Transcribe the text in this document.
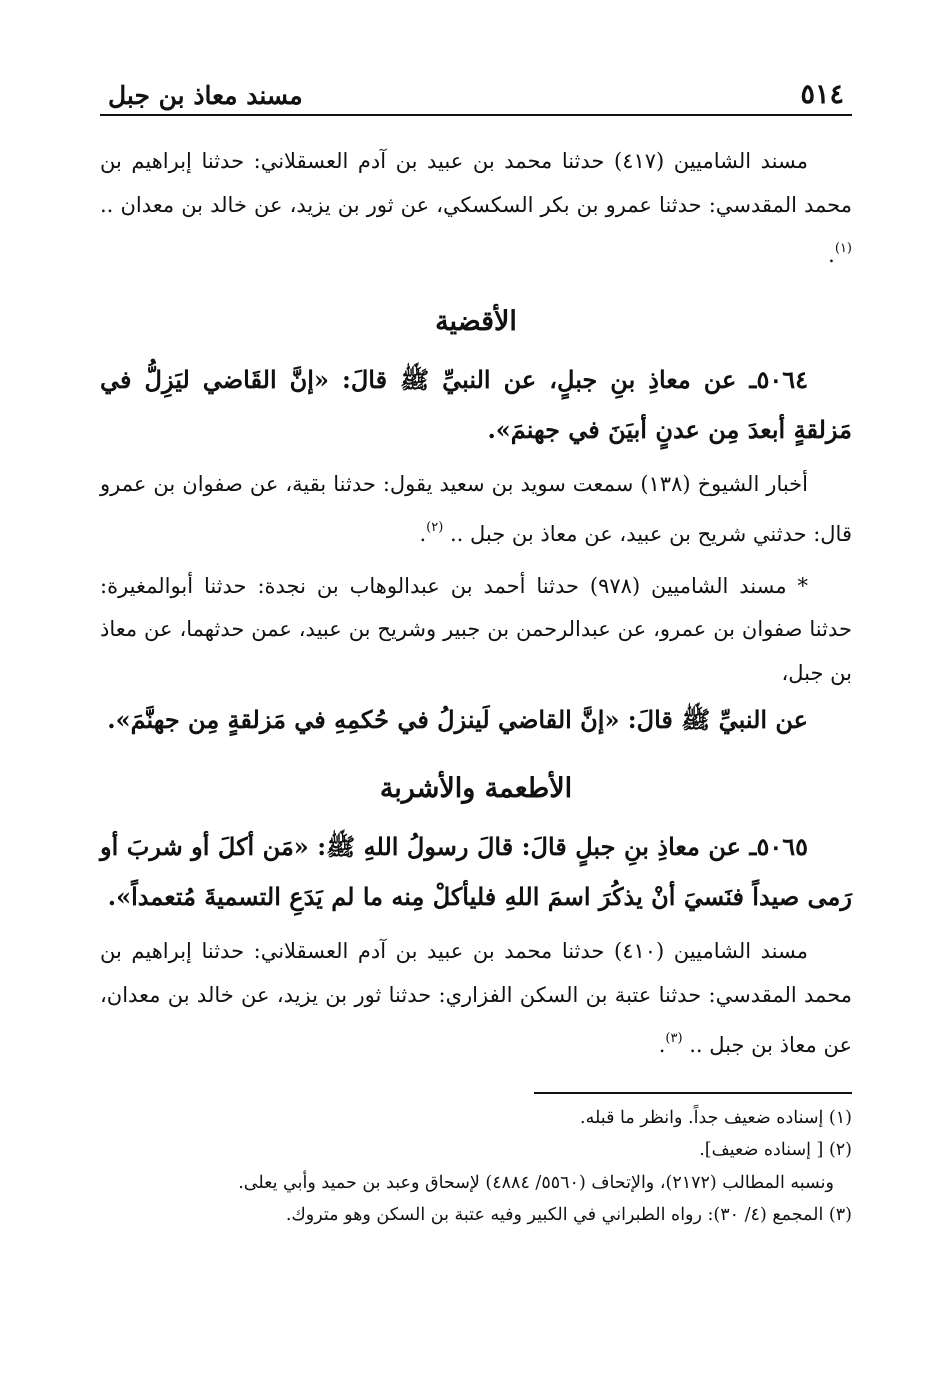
٥١٤
مسند معاذ بن جبل

مسند الشاميين (٤١٧) حدثنا محمد بن عبيد بن آدم العسقلاني: حدثنا إبراهيم بن محمد المقدسي: حدثنا عمرو بن بكر السكسكي، عن ثور بن يزيد، عن خالد بن معدان .. $^{(١)}$.

الأقضية

٥٠٦٤ـ عن معاذِ بنِ جبلٍ، عن النبيِّ ﷺ قالَ: «إنَّ القَاضي ليَزِلُّ في مَزلقةٍ أبعدَ مِن عدنٍ أبيَنَ في جهنمَ».

أخبار الشيوخ (١٣٨) سمعت سويد بن سعيد يقول: حدثنا بقية، عن صفوان بن عمرو قال: حدثني شريح بن عبيد، عن معاذ بن جبل .. $^{(٢)}$.

* مسند الشاميين (٩٧٨) حدثنا أحمد بن عبدالوهاب بن نجدة: حدثنا أبوالمغيرة: حدثنا صفوان بن عمرو، عن عبدالرحمن بن جبير وشريح بن عبيد، عمن حدثهما، عن معاذ بن جبل،

عن النبيِّ ﷺ قالَ: «إنَّ القاضي لَينزلُ في حُكمِهِ في مَزلقةٍ مِن جهنَّمَ».

الأطعمة والأشربة

٥٠٦٥ـ عن معاذِ بنِ جبلٍ قالَ: قالَ رسولُ اللهِ ﷺ: «مَن أكلَ أو شربَ أو رَمى صيداً فنَسيَ أنْ يذكُرَ اسمَ اللهِ فليأكلْ مِنه ما لم يَدَعِ التسميةَ مُتعمداً».

مسند الشاميين (٤١٠) حدثنا محمد بن عبيد بن آدم العسقلاني: حدثنا إبراهيم بن محمد المقدسي: حدثنا عتبة بن السكن الفزاري: حدثنا ثور بن يزيد، عن خالد بن معدان، عن معاذ بن جبل .. $^{(٣)}$.

(١) إسناده ضعيف جداً. وانظر ما قبله.

(٢) [ إسناده ضعيف].

ونسبه المطالب (٢١٧٢)، والإتحاف (٥٥٦٠/ ٤٨٨٤) لإسحاق وعبد بن حميد وأبي يعلى.

(٣) المجمع (٤/ ٣٠): رواه الطبراني في الكبير وفيه عتبة بن السكن وهو متروك.
